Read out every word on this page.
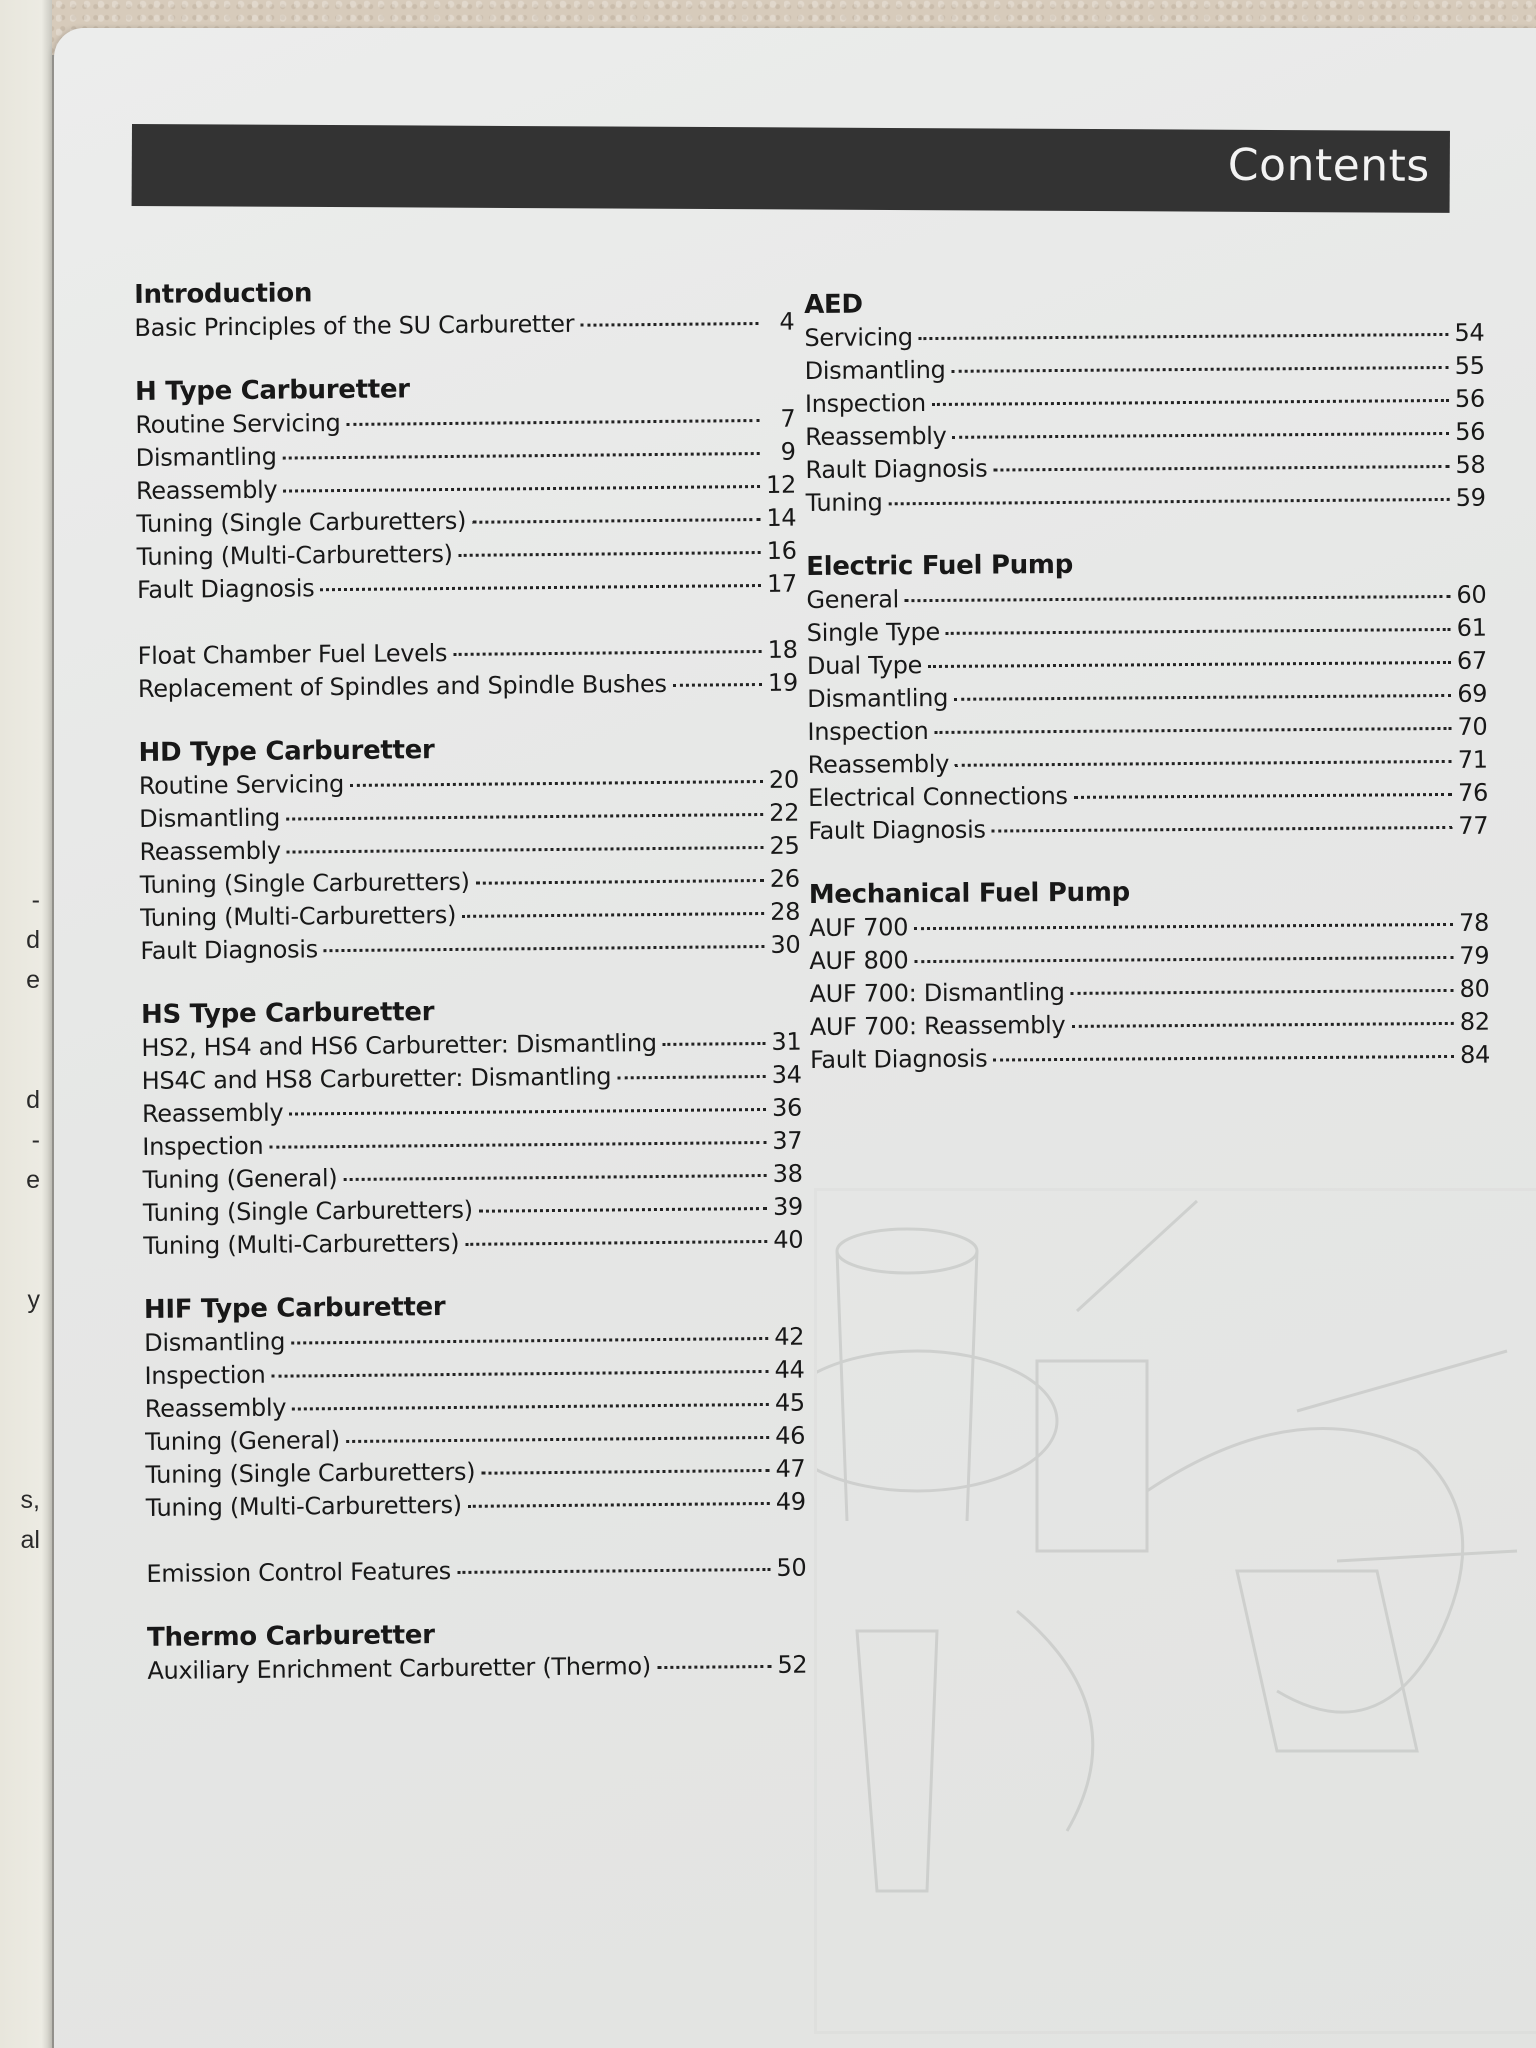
-
d
e
d
-
e
y
s,
al
Contents
Introduction
Basic Principles of the SU Carburetter	4
H Type Carburetter
Routine Servicing	7
Dismantling	9
Reassembly	12
Tuning (Single Carburetters)	14
Tuning (Multi-Carburetters)	16
Fault Diagnosis	17
Float Chamber Fuel Levels	18
Replacement of Spindles and Spindle Bushes	19
HD Type Carburetter
Routine Servicing	20
Dismantling	22
Reassembly	25
Tuning (Single Carburetters)	26
Tuning (Multi-Carburetters)	28
Fault Diagnosis	30
HS Type Carburetter
HS2, HS4 and HS6 Carburetter: Dismantling	31
HS4C and HS8 Carburetter: Dismantling	34
Reassembly	36
Inspection	37
Tuning (General)	38
Tuning (Single Carburetters)	39
Tuning (Multi-Carburetters)	40
HIF Type Carburetter
Dismantling	42
Inspection	44
Reassembly	45
Tuning (General)	46
Tuning (Single Carburetters)	47
Tuning (Multi-Carburetters)	49
Emission Control Features	50
Thermo Carburetter
Auxiliary Enrichment Carburetter (Thermo)	52
AED
Servicing	54
Dismantling	55
Inspection	56
Reassembly	56
Rault Diagnosis	58
Tuning	59
Electric Fuel Pump
General	60
Single Type	61
Dual Type	67
Dismantling	69
Inspection	70
Reassembly	71
Electrical Connections	76
Fault Diagnosis	77
Mechanical Fuel Pump
AUF 700	78
AUF 800	79
AUF 700: Dismantling	80
AUF 700: Reassembly	82
Fault Diagnosis	84
